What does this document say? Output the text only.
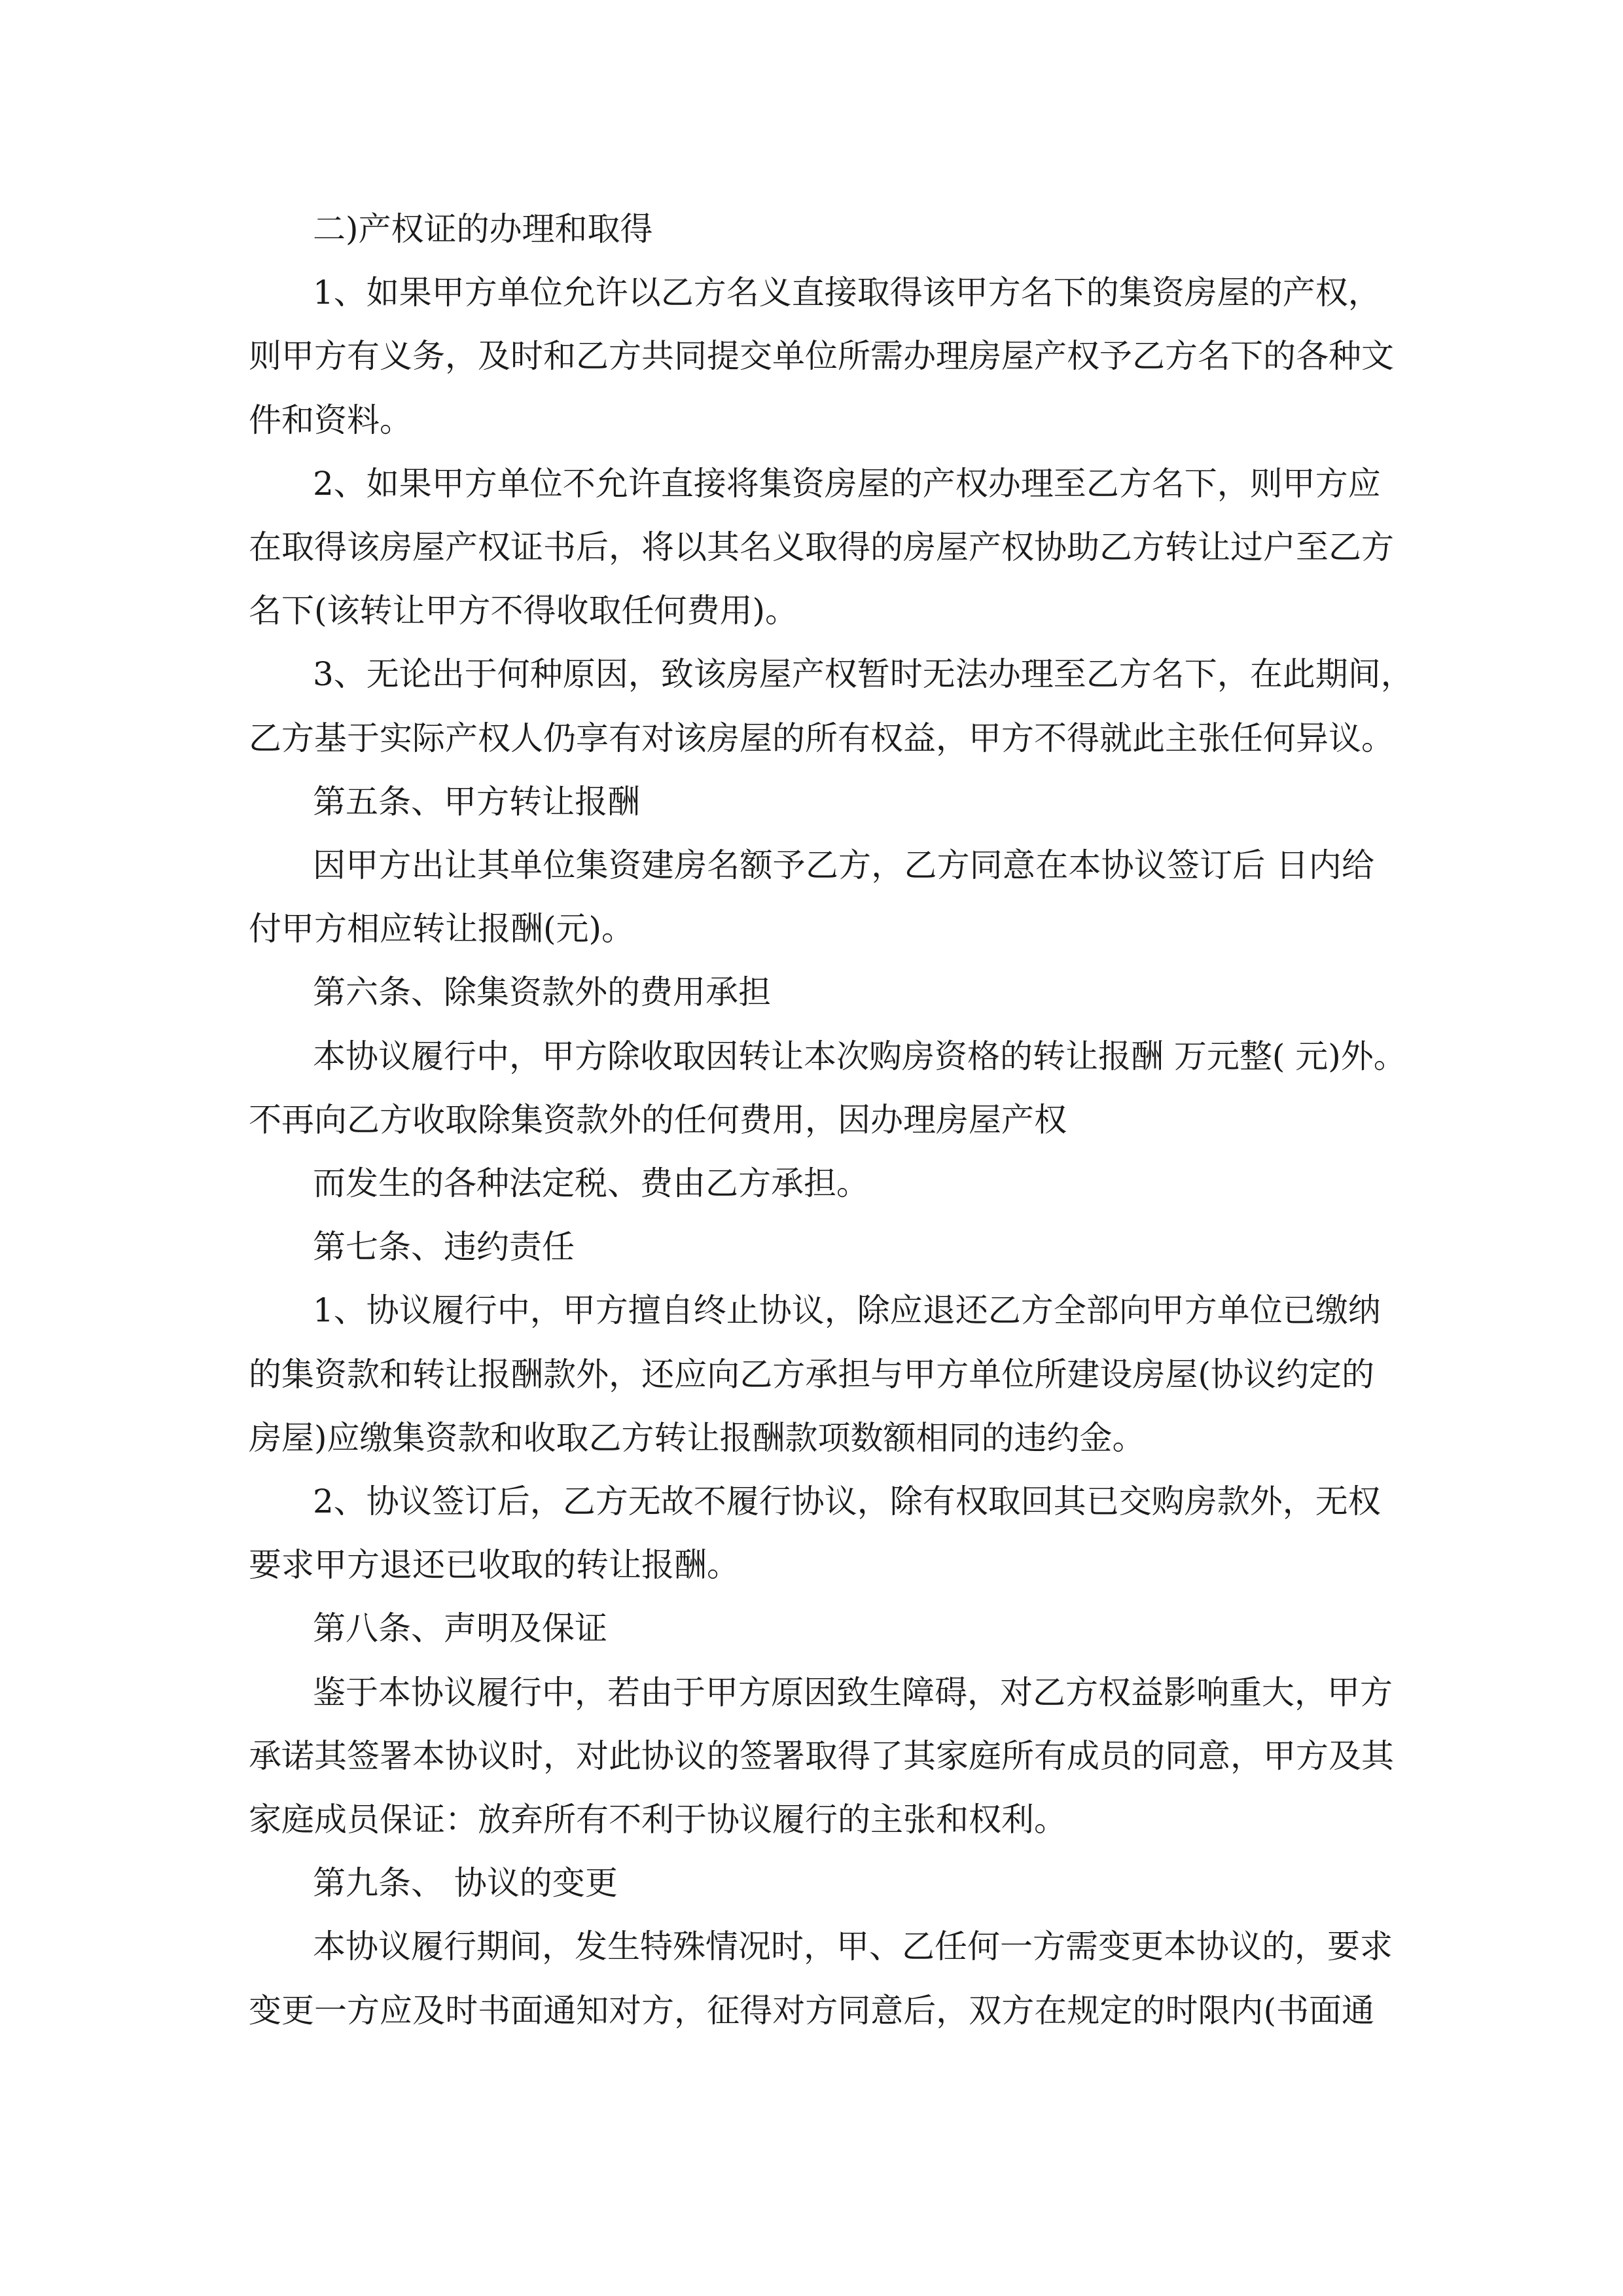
二)产权证的办理和取得
1、如果甲方单位允许以乙方名义直接取得该甲方名下的集资房屋的产权，
则甲方有义务，及时和乙方共同提交单位所需办理房屋产权予乙方名下的各种文
件和资料。
2、如果甲方单位不允许直接将集资房屋的产权办理至乙方名下，则甲方应
在取得该房屋产权证书后，将以其名义取得的房屋产权协助乙方转让过户至乙方
名下(该转让甲方不得收取任何费用)。
3、无论出于何种原因，致该房屋产权暂时无法办理至乙方名下，在此期间，
乙方基于实际产权人仍享有对该房屋的所有权益，甲方不得就此主张任何异议。
第五条、甲方转让报酬
因甲方出让其单位集资建房名额予乙方，乙方同意在本协议签订后 日内给
付甲方相应转让报酬(元)。
第六条、除集资款外的费用承担
本协议履行中，甲方除收取因转让本次购房资格的转让报酬 万元整( 元)外。
不再向乙方收取除集资款外的任何费用，因办理房屋产权
而发生的各种法定税、费由乙方承担。
第七条、违约责任
1、协议履行中，甲方擅自终止协议，除应退还乙方全部向甲方单位已缴纳
的集资款和转让报酬款外，还应向乙方承担与甲方单位所建设房屋(协议约定的
房屋)应缴集资款和收取乙方转让报酬款项数额相同的违约金。
2、协议签订后，乙方无故不履行协议，除有权取回其已交购房款外，无权
要求甲方退还已收取的转让报酬。
第八条、声明及保证
鉴于本协议履行中，若由于甲方原因致生障碍，对乙方权益影响重大，甲方
承诺其签署本协议时，对此协议的签署取得了其家庭所有成员的同意，甲方及其
家庭成员保证：放弃所有不利于协议履行的主张和权利。
第九条、 协议的变更
本协议履行期间，发生特殊情况时，甲、乙任何一方需变更本协议的，要求
变更一方应及时书面通知对方，征得对方同意后，双方在规定的时限内(书面通
